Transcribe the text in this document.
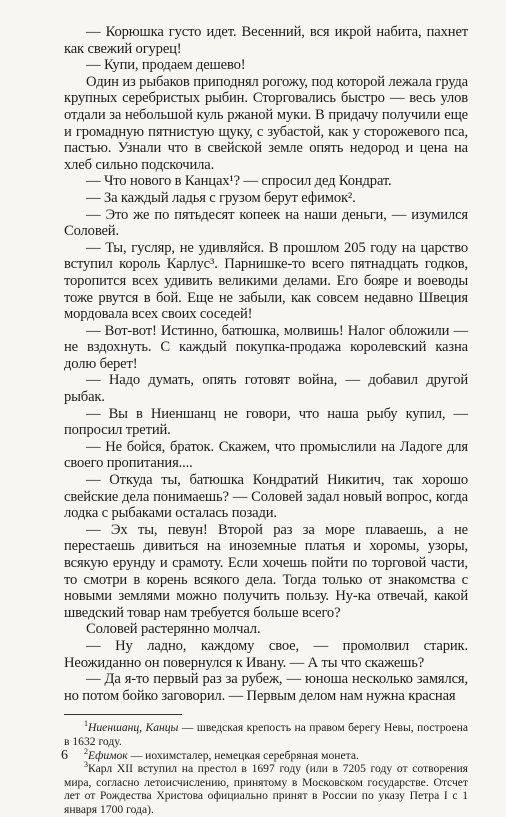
— Корюшка густо идет. Весенний, вся икрой набита, пахнет как свежий огурец!

— Купи, продаем дешево!

Один из рыбаков приподнял рогожу, под которой лежала груда крупных серебристых рыбин. Сторговались быстро — весь улов отдали за небольшой куль ржаной муки. В придачу получили еще и громадную пятнистую щуку, с зубастой, как у сторожевого пса, пастью. Узнали что в свейской земле опять недород и цена на хлеб сильно подскочила.

— Что нового в Канцах¹? — спросил дед Кондрат.

— За каждый ладья с грузом берут ефимок².

— Это же по пятьдесят копеек на наши деньги, — изумился Соловей.

— Ты, гусляр, не удивляйся. В прошлом 205 году на царство вступил король Карлус³. Парнишке-то всего пятнадцать годков, торопится всех удивить великими делами. Его бояре и воеводы тоже рвутся в бой. Еще не забыли, как совсем недавно Швеция мордовала всех своих соседей!

— Вот-вот! Истинно, батюшка, молвишь! Налог обложили — не вздохнуть. С каждый покупка-продажа королевский казна долю берет!

— Надо думать, опять готовят война, — добавил другой рыбак.

— Вы в Ниеншанц не говори, что наша рыбу купил, — попросил третий.

— Не бойся, браток. Скажем, что промыслили на Ладоге для своего пропитания....

— Откуда ты, батюшка Кондратий Никитич, так хорошо свейские дела понимаешь? — Соловей задал новый вопрос, когда лодка с рыбаками осталась позади.

— Эх ты, певун! Второй раз за море плаваешь, а не перестаешь дивиться на иноземные платья и хоромы, узоры, всякую ерунду и срамоту. Если хочешь пойти по торговой части, то смотри в корень всякого дела. Тогда только от знакомства с новыми землями можно получить пользу. Ну-ка отвечай, какой шведский товар нам требуется больше всего?

Соловей растерянно молчал.

— Ну ладно, каждому свое, — промолвил старик. Неожиданно он повернулся к Ивану. — А ты что скажешь?

— Да я-то первый раз за рубеж, — юноша несколько замялся, но потом бойко заговорил. — Первым делом нам нужна красная

$^1$Ниеншанц, Канцы — шведская крепость на правом берегу Невы, построена в 1632 году.

$^2$Ефимок — иохимсталер, немецкая серебряная монета.

$^3$Карл XII вступил на престол в 1697 году (или в 7205 году от сотворения мира, согласно летоисчислению, принятому в Московском государстве. Отсчет лет от Рождества Христова официально принят в России по указу Петра I с 1 января 1700 года).

6
